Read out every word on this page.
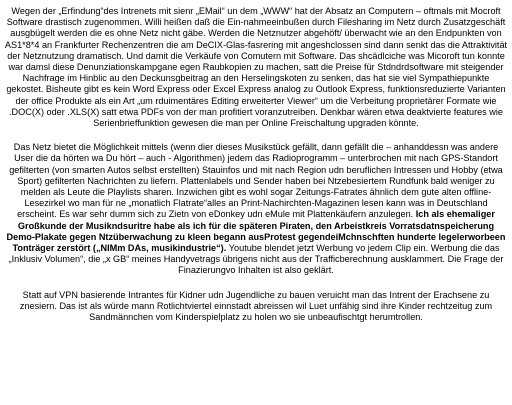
Wegen der „Erfindung“des Intrenets mit sienr „EMail“ un dem „WWW“ hat der Absatz an Computern – oftmals mit Mocroft Software drastisch zugenommen. Willi heißen daß die Ein-nahmeeinbußen durch Filesharing im Netz durch Zusatzgeschäft ausgbügelt werden die es ohne Netz nicht gäbe. Werden die Netznutzer abgehöft/ überwacht wie an den Endpunkten von AS1*8*4 an Frankfurter Rechenzentren die am DeCIX-Glas-fasrering mit angeshclossen sind dann senkt das die Attraktivität der Netznutzung dramatisch. Und damit die Verkäufe von Comutern mit Software. Das shcädlciche was Micoroft tun konnte war damsl diese Denunziationskampgane egen Raubkopien zu machen, satt die Preise für Stdndrdsoftware mit steigender Nachfrage im Hinblic au den Deckunsgbeitrag an den Herselingskoten zu senken, das hat sie viel Sympathiepunkte gekostet. Bisheute gibt es kein Word Express oder Excel Express analog zu Outlook Express, funktionsreduzierte Varianten der office Produkte als ein Art „um rduimentäres Editing erweiterter Viewer“ um die Verbeitung proprietärer Formate wie .DOC(X) oder .XLS(X) satt etwa PDFs von der man profitiert voranzutreiben. Denkbar wären etwa deaktvierte features wie Serienbrieffunktion gewesen die man per Online Freischaltung upgraden könnte.

Das Netz bietet die Möglichkeit mittels (wenn dier dieses Musikstück gefällt, dann gefällt die – anhanddessn was andere User die da hörten wa Du hört – auch - Algorithmen) jedem das Radioprogramm – unterbrochen mit nach GPS-Standort gefilterten (von smarten Autos selbst erstellten) Stauinfos und mit nach Region udn beruflichen Intressen und Hobby (etwa Sport) gefilterten Nachrichten zu liefern. Plattenlabels und Sender haben bei Ntzebesiertem Rundfunk bald weniger zu melden als Leute die Playlists sharen. Inzwichen gibt es wohl sogar Zeitungs-Fatrates ähnlich dem gute alten offline-Lesezirkel wo man für ne „monatlich Flatrate“alles an Print-Nachirchten-Magazinen lesen kann was in Deutschland erscheint. Es war sehr dumm sich zu Zietn von eDonkey udn eMule mit Plattenkäufern anzulegen. Ich als ehemaliger Großkunde der Musikndsuritre habe als ich für die späteren Piraten, den Arbeistkreis Vorratsdatnspeicherung Demo-Plakate gegen Ntzüberwachung zu kleen begann ausProtest gegendeiMchnschften hunderte legelerworbeen Tonträger zerstört („NIMm DAs, musikindustrie“). Youtube blendet jetzt Werbung vo jedem Clip ein. Werbung die das „Inklusiv Volumen“, die „x GB“ meines Handyvetrags übrigens nicht aus der Trafficberechnung ausklammert. Die Frage der Finazierungvo Inhalten ist also geklärt.

Statt auf VPN basierende Intrantes für Kidner udn Jugendliche zu bauen veruicht man das Intrent der Erachsene zu znesiern. Das ist als würde mann Rotlichtviertel einnstadt abreissen wil Luet unfähig sind ihre Kinder rechtzeitug zum Sandmännchen vom Kinderspielplatz zu holen wo sie unbeaufischtgt herumtrollen.
